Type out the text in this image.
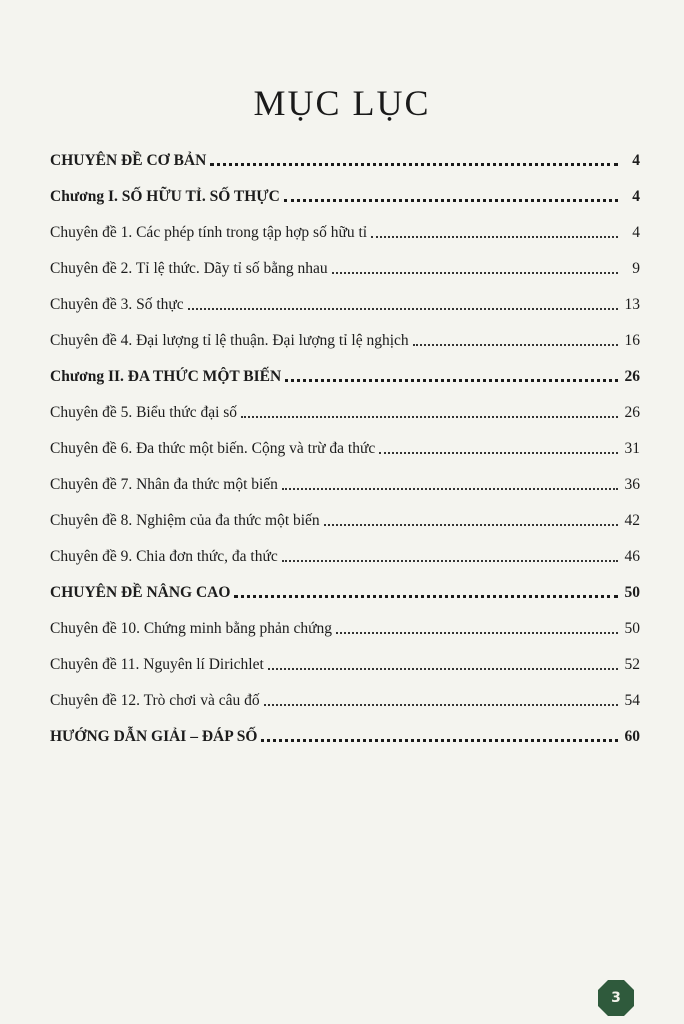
MỤC LỤC
CHUYÊN ĐỀ CƠ BẢN	4
Chương I. SỐ HỮU TỈ. SỐ THỰC	4
Chuyên đề 1. Các phép tính trong tập hợp số hữu tỉ	4
Chuyên đề 2. Tỉ lệ thức. Dãy tỉ số bằng nhau	9
Chuyên đề 3. Số thực	13
Chuyên đề 4. Đại lượng tỉ lệ thuận. Đại lượng tỉ lệ nghịch	16
Chương II. ĐA THỨC MỘT BIẾN	26
Chuyên đề 5. Biểu thức đại số	26
Chuyên đề 6. Đa thức một biến. Cộng và trừ đa thức	31
Chuyên đề 7. Nhân đa thức một biến	36
Chuyên đề 8. Nghiệm của đa thức một biến	42
Chuyên đề 9. Chia đơn thức, đa thức	46
CHUYÊN ĐỀ NÂNG CAO	50
Chuyên đề 10. Chứng minh bằng phản chứng	50
Chuyên đề 11. Nguyên lí Dirichlet	52
Chuyên đề 12. Trò chơi và câu đố	54
HƯỚNG DẪN GIẢI – ĐÁP SỐ	60
3
